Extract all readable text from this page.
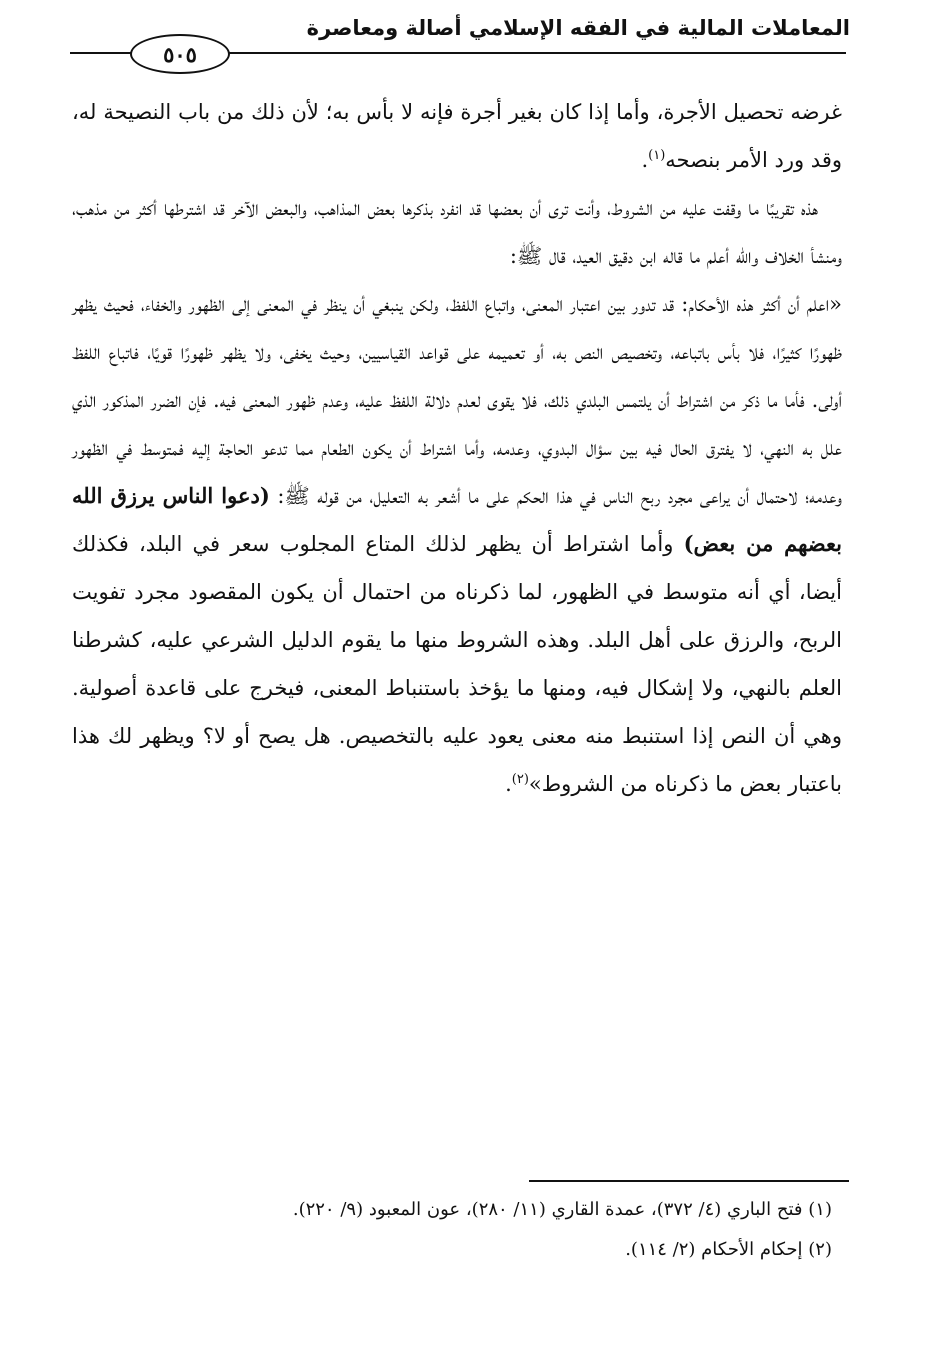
المعاملات المالية في الفقه الإسلامي أصالة ومعاصرة
٥٠٥

غرضه تحصيل الأجرة، وأما إذا كان بغير أجرة فإنه لا بأس به؛ لأن ذلك من باب النصيحة له، وقد ورد الأمر بنصحه$^{(١)}$.

هذه تقريبًا ما وقفت عليه من الشروط، وأنت ترى أن بعضها قد انفرد بذكرها بعض المذاهب، والبعض الآخر قد اشترطها أكثر من مذهب، ومنشأ الخلاف والله أعلم ما قاله ابن دقيق العيد، قال ﷺ:

«اعلم أن أكثر هذه الأحكام: قد تدور بين اعتبار المعنى، واتباع اللفظ، ولكن ينبغي أن ينظر في المعنى إلى الظهور والخفاء، فحيث يظهر ظهورًا كثيرًا، فلا بأس باتباعه، وتخصيص النص به، أو تعميمه على قواعد القياسيين، وحيث يخفى، ولا يظهر ظهورًا قويًا، فاتباع اللفظ أولى. فأما ما ذكر من اشتراط أن يلتمس البلدي ذلك، فلا يقوى لعدم دلالة اللفظ عليه، وعدم ظهور المعنى فيه. فإن الضرر المذكور الذي علل به النهي، لا يفترق الحال فيه بين سؤال البدوي، وعدمه، وأما اشتراط أن يكون الطعام مما تدعو الحاجة إليه فمتوسط في الظهور وعدمه؛ لاحتمال أن يراعى مجرد ربح الناس في هذا الحكم على ما أشعر به التعليل، من قوله ﷺ: (دعوا الناس يرزق الله بعضهم من بعض) وأما اشتراط أن يظهر لذلك المتاع المجلوب سعر في البلد، فكذلك أيضا، أي أنه متوسط في الظهور، لما ذكرناه من احتمال أن يكون المقصود مجرد تفويت الربح، والرزق على أهل البلد. وهذه الشروط منها ما يقوم الدليل الشرعي عليه، كشرطنا العلم بالنهي، ولا إشكال فيه، ومنها ما يؤخذ باستنباط المعنى، فيخرج على قاعدة أصولية. وهي أن النص إذا استنبط منه معنى يعود عليه بالتخصيص. هل يصح أو لا؟ ويظهر لك هذا باعتبار بعض ما ذكرناه من الشروط»$^{(٢)}$.

(١) فتح الباري (٤/ ٣٧٢)، عمدة القاري (١١/ ٢٨٠)، عون المعبود (٩/ ٢٢٠).

(٢) إحكام الأحكام (٢/ ١١٤).
